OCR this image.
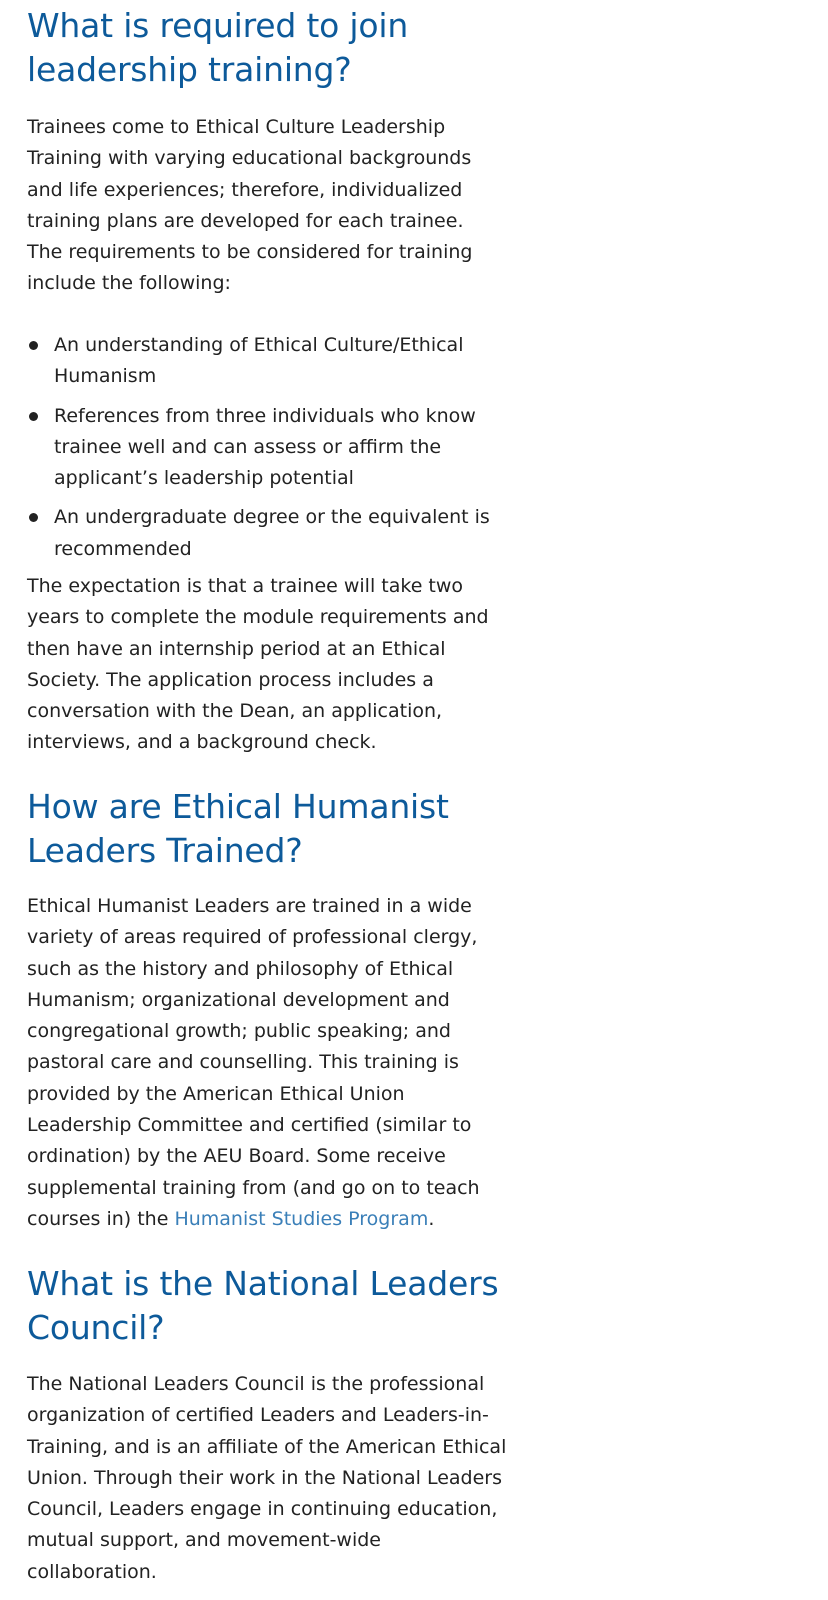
What is required to join leadership training?

Trainees come to Ethical Culture Leadership Training with varying educational backgrounds and life experiences; therefore, individualized training plans are developed for each trainee. The requirements to be considered for training include the following:

An understanding of Ethical Culture/Ethical Humanism
References from three individuals who know trainee well and can assess or affirm the applicant’s leadership potential
An undergraduate degree or the equivalent is recommended

The expectation is that a trainee will take two years to complete the module requirements and then have an internship period at an Ethical Society. The application process includes a conversation with the Dean, an application, interviews, and a background check.

How are Ethical Humanist Leaders Trained?

Ethical Humanist Leaders are trained in a wide variety of areas required of professional clergy, such as the history and philosophy of Ethical Humanism; organizational development and congregational growth; public speaking; and pastoral care and counselling. This training is provided by the American Ethical Union Leadership Committee and certified (similar to ordination) by the AEU Board. Some receive supplemental training from (and go on to teach courses in) the Humanist Studies Program.

What is the National Leaders Council?

The National Leaders Council is the professional organization of certified Leaders and Leaders-in-Training, and is an affiliate of the American Ethical Union. Through their work in the National Leaders Council, Leaders engage in continuing education, mutual support, and movement-wide collaboration.
